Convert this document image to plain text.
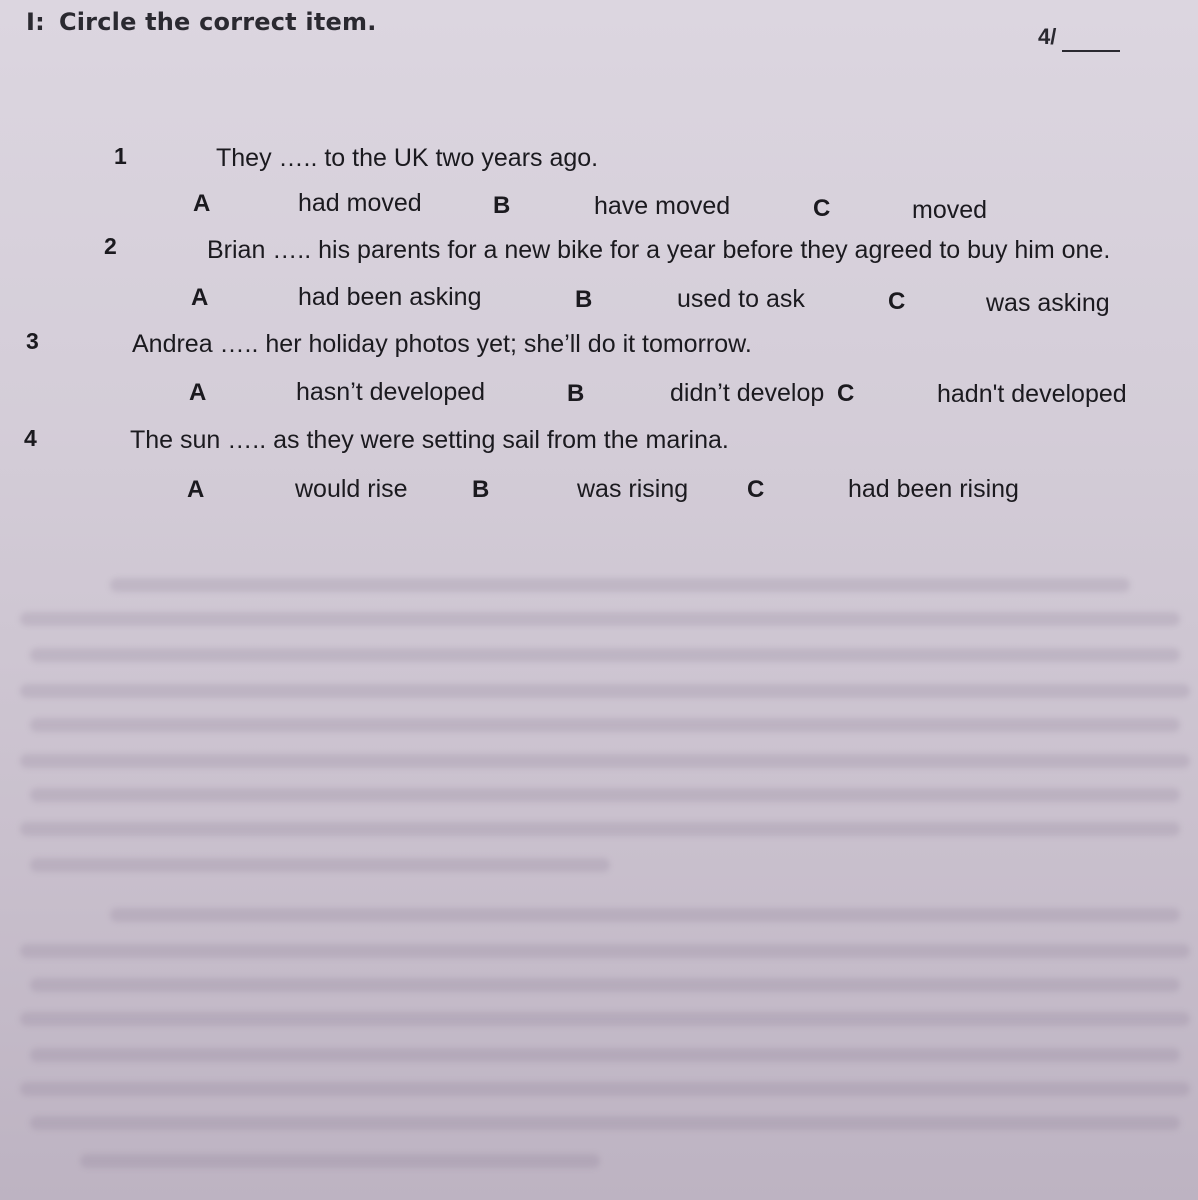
I: Circle the correct item.
4/
1	They ….. to the UK two years ago.
A	had moved	B	have moved	C	moved
2	Brian ….. his parents for a new bike for a year before they agreed to buy him one.
A	had been asking	B	used to ask	C	was asking
3	Andrea ….. her holiday photos yet; she’ll do it tomorrow.
A	hasn’t developed	B	didn’t develop C	hadn't developed
4	The sun ….. as they were setting sail from the marina.
A	would rise	B	was rising C	had been rising
